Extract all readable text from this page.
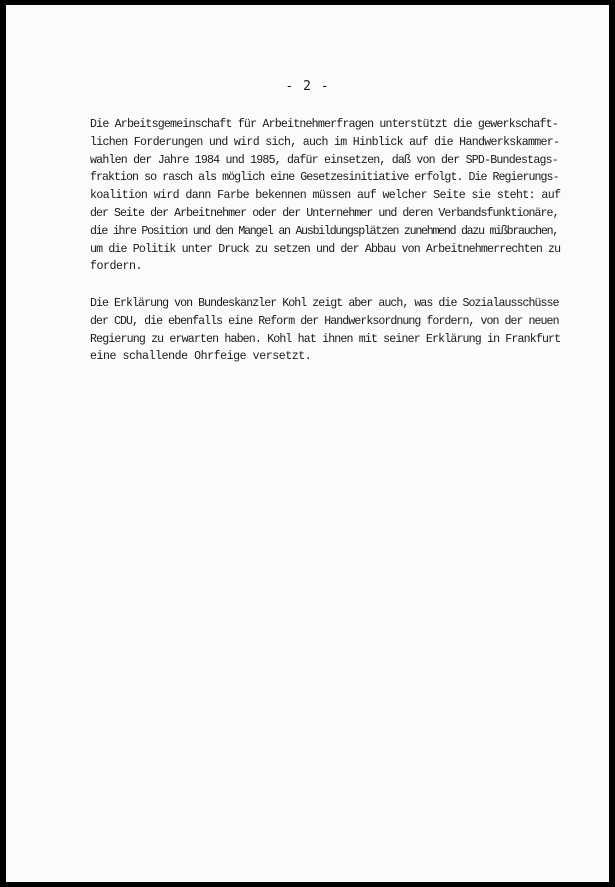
- 2 -
Die Arbeitsgemeinschaft für Arbeitnehmerfragen unterstützt die gewerkschaft-
lichen Forderungen und wird sich, auch im Hinblick auf die Handwerkskammer-
wahlen der Jahre 1984 und 1985, dafür einsetzen, daß von der SPD-Bundestags-
fraktion so rasch als möglich eine Gesetzesinitiative erfolgt. Die Regierungs-
koalition wird dann Farbe bekennen müssen auf welcher Seite sie steht: auf
der Seite der Arbeitnehmer oder der Unternehmer und deren Verbandsfunktionäre,
die ihre Position und den Mangel an Ausbildungsplätzen zunehmend dazu mißbrauchen,
um die Politik unter Druck zu setzen und der Abbau von Arbeitnehmerrechten zu
fordern.
Die Erklärung von Bundeskanzler Kohl zeigt aber auch, was die Sozialausschüsse
der CDU, die ebenfalls eine Reform der Handwerksordnung fordern, von der neuen
Regierung zu erwarten haben. Kohl hat ihnen mit seiner Erklärung in Frankfurt
eine schallende Ohrfeige versetzt.
